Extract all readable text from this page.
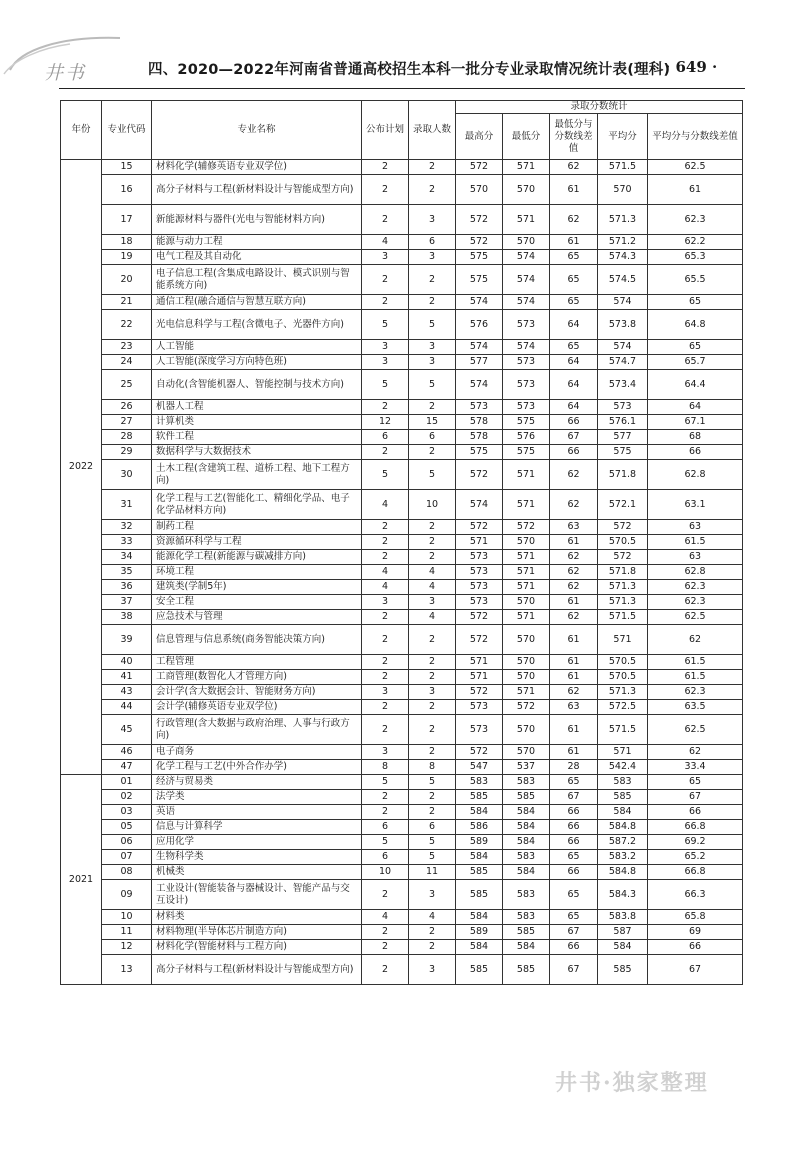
井书	四、2020—2022年河南省普通高校招生本科一批分专业录取情况统计表(理科)
· 649 ·
年份	专业代码	专业名称	公布计划	录取人数	录取分数统计				
					最高分	最低分	最低分与分数线差值	平均分	平均分与分数线差值
2022	15	材料化学(辅修英语专业双学位)	2	2	572	571	62	571.5	62.5
	16	高分子材料与工程(新材料设计与智能成型方向)	2	2	570	570	61	570	61
	17	新能源材料与器件(光电与智能材料方向)	2	3	572	571	62	571.3	62.3
	18	能源与动力工程	4	6	572	570	61	571.2	62.2
	19	电气工程及其自动化	3	3	575	574	65	574.3	65.3
	20	电子信息工程(含集成电路设计、模式识别与智能系统方向)	2	2	575	574	65	574.5	65.5
	21	通信工程(融合通信与智慧互联方向)	2	2	574	574	65	574	65
	22	光电信息科学与工程(含微电子、光器件方向)	5	5	576	573	64	573.8	64.8
	23	人工智能	3	3	574	574	65	574	65
	24	人工智能(深度学习方向特色班)	3	3	577	573	64	574.7	65.7
	25	自动化(含智能机器人、智能控制与技术方向)	5	5	574	573	64	573.4	64.4
	26	机器人工程	2	2	573	573	64	573	64
	27	计算机类	12	15	578	575	66	576.1	67.1
	28	软件工程	6	6	578	576	67	577	68
	29	数据科学与大数据技术	2	2	575	575	66	575	66
	30	土木工程(含建筑工程、道桥工程、地下工程方向)	5	5	572	571	62	571.8	62.8
	31	化学工程与工艺(智能化工、精细化学品、电子化学品材料方向)	4	10	574	571	62	572.1	63.1
	32	制药工程	2	2	572	572	63	572	63
	33	资源循环科学与工程	2	2	571	570	61	570.5	61.5
	34	能源化学工程(新能源与碳减排方向)	2	2	573	571	62	572	63
	35	环境工程	4	4	573	571	62	571.8	62.8
	36	建筑类(学制5年)	4	4	573	571	62	571.3	62.3
	37	安全工程	3	3	573	570	61	571.3	62.3
	38	应急技术与管理	2	4	572	571	62	571.5	62.5
	39	信息管理与信息系统(商务智能决策方向)	2	2	572	570	61	571	62
	40	工程管理	2	2	571	570	61	570.5	61.5
	41	工商管理(数智化人才管理方向)	2	2	571	570	61	570.5	61.5
	43	会计学(含大数据会计、智能财务方向)	3	3	572	571	62	571.3	62.3
	44	会计学(辅修英语专业双学位)	2	2	573	572	63	572.5	63.5
	45	行政管理(含大数据与政府治理、人事与行政方向)	2	2	573	570	61	571.5	62.5
	46	电子商务	3	2	572	570	61	571	62
	47	化学工程与工艺(中外合作办学)	8	8	547	537	28	542.4	33.4
2021	01	经济与贸易类	5	5	583	583	65	583	65
	02	法学类	2	2	585	585	67	585	67
	03	英语	2	2	584	584	66	584	66
	05	信息与计算科学	6	6	586	584	66	584.8	66.8
	06	应用化学	5	5	589	584	66	587.2	69.2
	07	生物科学类	6	5	584	583	65	583.2	65.2
	08	机械类	10	11	585	584	66	584.8	66.8
	09	工业设计(智能装备与器械设计、智能产品与交互设计)	2	3	585	583	65	584.3	66.3
	10	材料类	4	4	584	583	65	583.8	65.8
	11	材料物理(半导体芯片制造方向)	2	2	589	585	67	587	69
	12	材料化学(智能材料与工程方向)	2	2	584	584	66	584	66
	13	高分子材料与工程(新材料设计与智能成型方向)	2	3	585	585	67	585	67
井书·独家整理
